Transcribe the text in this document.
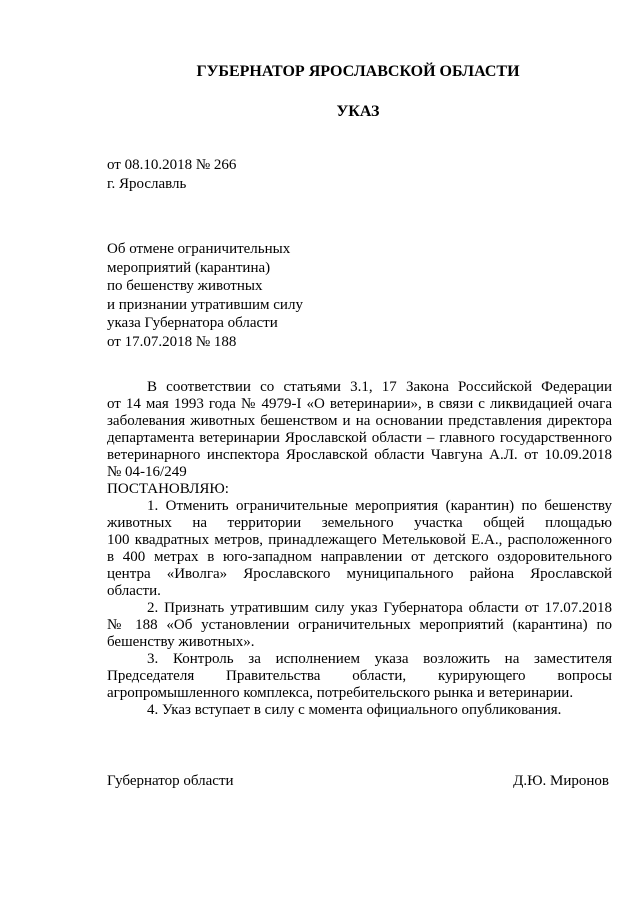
ГУБЕРНАТОР ЯРОСЛАВСКОЙ ОБЛАСТИ
УКАЗ
от 08.10.2018 № 266
г. Ярославль
Об отмене ограничительных
мероприятий (карантина)
по бешенству животных
и признании утратившим силу
указа Губернатора области
от 17.07.2018 № 188
В соответствии со статьями 3.1, 17 Закона Российской Федерации
от 14 мая 1993 года № 4979-I «О ветеринарии», в связи с ликвидацией очага
заболевания животных бешенством и на основании представления директора
департамента ветеринарии Ярославской области – главного государственного
ветеринарного инспектора Ярославской области Чавгуна А.Л. от 10.09.2018
№ 04-16/249
ПОСТАНОВЛЯЮ:
1. Отменить ограничительные мероприятия (карантин) по бешенству
животных на территории земельного участка общей площадью
100 квадратных метров, принадлежащего Метельковой Е.А., расположенного
в 400 метрах в юго-западном направлении от детского оздоровительного
центра «Иволга» Ярославского муниципального района Ярославской
области.
2. Признать утратившим силу указ Губернатора области от 17.07.2018
№ 188 «Об установлении ограничительных мероприятий (карантина) по
бешенству животных».
3. Контроль за исполнением указа возложить на заместителя
Председателя Правительства области, курирующего вопросы
агропромышленного комплекса, потребительского рынка и ветеринарии.
4. Указ вступает в силу с момента официального опубликования.
Губернатор области	Д.Ю. Миронов
